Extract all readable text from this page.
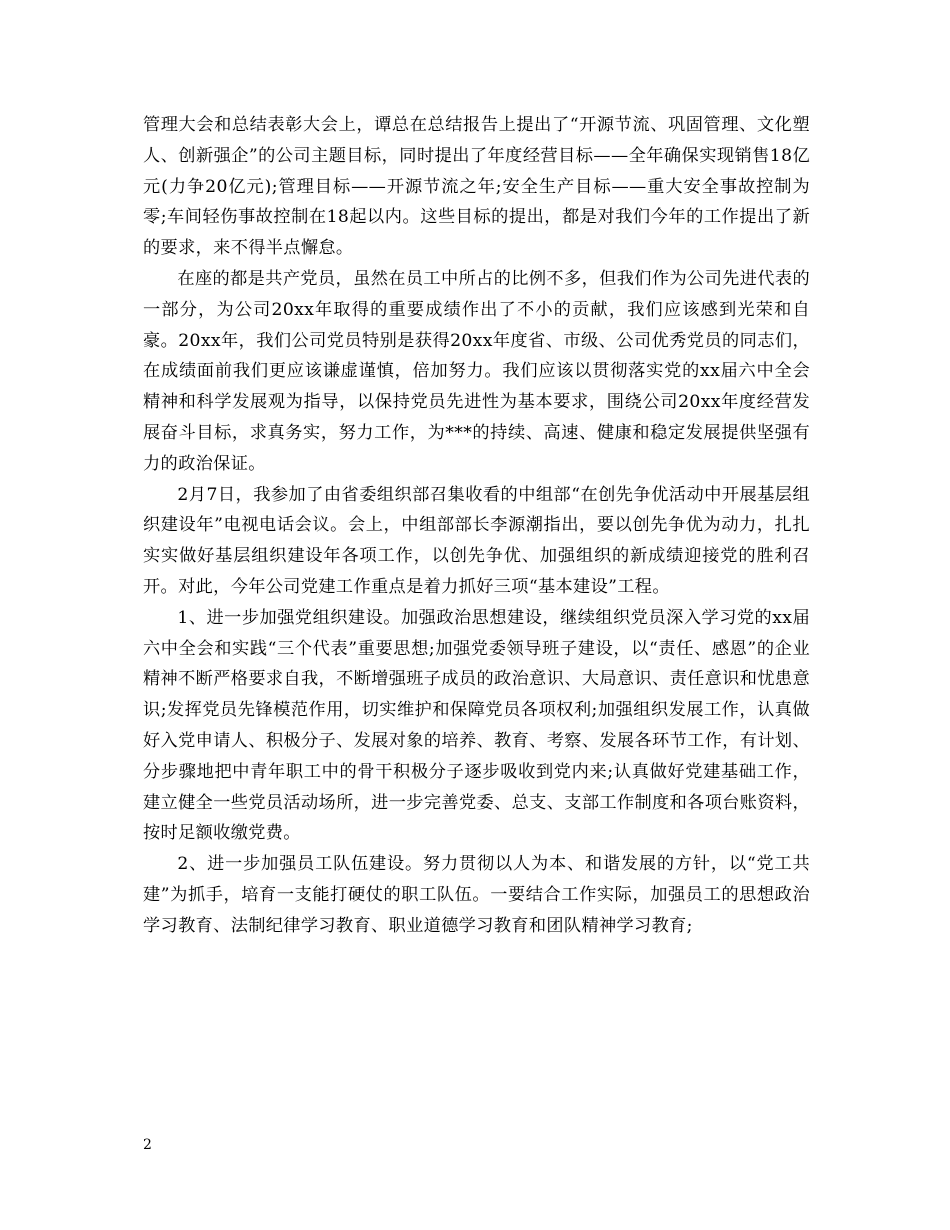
管理大会和总结表彰大会上，谭总在总结报告上提出了“开源节流、巩固管理、文化塑人、创新强企”的公司主题目标，同时提出了年度经营目标——全年确保实现销售18亿元(力争20亿元);管理目标——开源节流之年;安全生产目标——重大安全事故控制为零;车间轻伤事故控制在18起以内。这些目标的提出，都是对我们今年的工作提出了新的要求，来不得半点懈怠。

在座的都是共产党员，虽然在员工中所占的比例不多，但我们作为公司先进代表的一部分，为公司20xx年取得的重要成绩作出了不小的贡献，我们应该感到光荣和自豪。20xx年，我们公司党员特别是获得20xx年度省、市级、公司优秀党员的同志们，在成绩面前我们更应该谦虚谨慎，倍加努力。我们应该以贯彻落实党的xx届六中全会精神和科学发展观为指导，以保持党员先进性为基本要求，围绕公司20xx年度经营发展奋斗目标，求真务实，努力工作，为***的持续、高速、健康和稳定发展提供坚强有力的政治保证。

2月7日，我参加了由省委组织部召集收看的中组部“在创先争优活动中开展基层组织建设年”电视电话会议。会上，中组部部长李源潮指出，要以创先争优为动力，扎扎实实做好基层组织建设年各项工作，以创先争优、加强组织的新成绩迎接党的胜利召开。对此，今年公司党建工作重点是着力抓好三项“基本建设”工程。

1、进一步加强党组织建设。加强政治思想建设，继续组织党员深入学习党的xx届六中全会和实践“三个代表”重要思想;加强党委领导班子建设，以“责任、感恩”的企业精神不断严格要求自我，不断增强班子成员的政治意识、大局意识、责任意识和忧患意识;发挥党员先锋模范作用，切实维护和保障党员各项权利;加强组织发展工作，认真做好入党申请人、积极分子、发展对象的培养、教育、考察、发展各环节工作，有计划、分步骤地把中青年职工中的骨干积极分子逐步吸收到党内来;认真做好党建基础工作，建立健全一些党员活动场所，进一步完善党委、总支、支部工作制度和各项台账资料，按时足额收缴党费。

2、进一步加强员工队伍建设。努力贯彻以人为本、和谐发展的方针，以“党工共建”为抓手，培育一支能打硬仗的职工队伍。一要结合工作实际，加强员工的思想政治学习教育、法制纪律学习教育、职业道德学习教育和团队精神学习教育;

2
